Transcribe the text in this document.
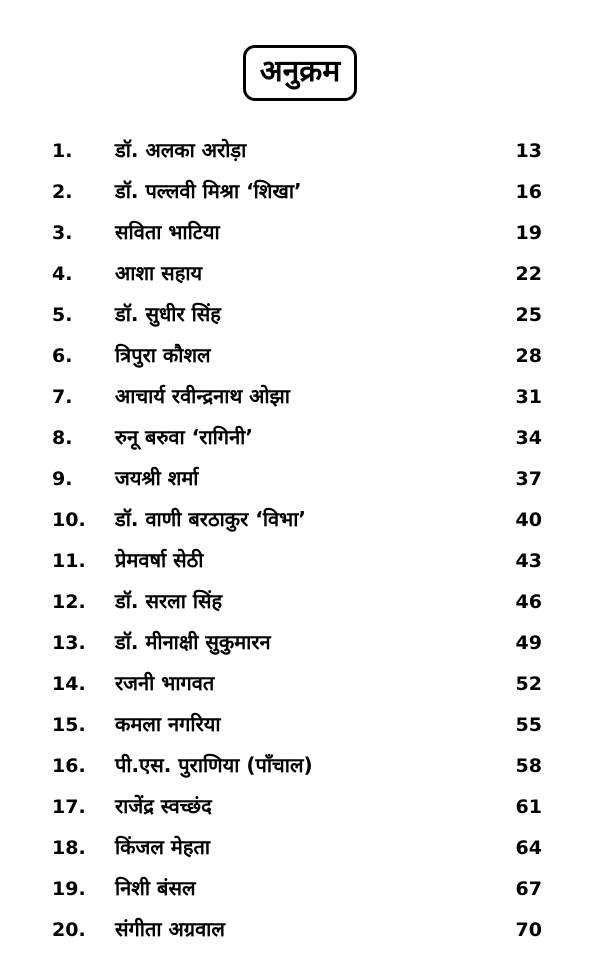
अनुक्रम
1. डॉ. अलका अरोड़ा	13
2. डॉ. पल्लवी मिश्रा ‘शिखा’	16
3. सविता भाटिया	19
4. आशा सहाय	22
5. डॉ. सुधीर सिंह	25
6. त्रिपुरा कौशल	28
7. आचार्य रवीन्द्रनाथ ओझा	31
8. रुनू बरुवा ‘रागिनी’	34
9. जयश्री शर्मा	37
10. डॉ. वाणी बरठाकुर ‘विभा’	40
11. प्रेमवर्षा सेठी	43
12. डॉ. सरला सिंह	46
13. डॉ. मीनाक्षी सुकुमारन	49
14. रजनी भागवत	52
15. कमला नगरिया	55
16. पी.एस. पुराणिया (पाँचाल)	58
17. राजेंद्र स्वच्छंद	61
18. किंजल मेहता	64
19. निशी बंसल	67
20. संगीता अग्रवाल	70
